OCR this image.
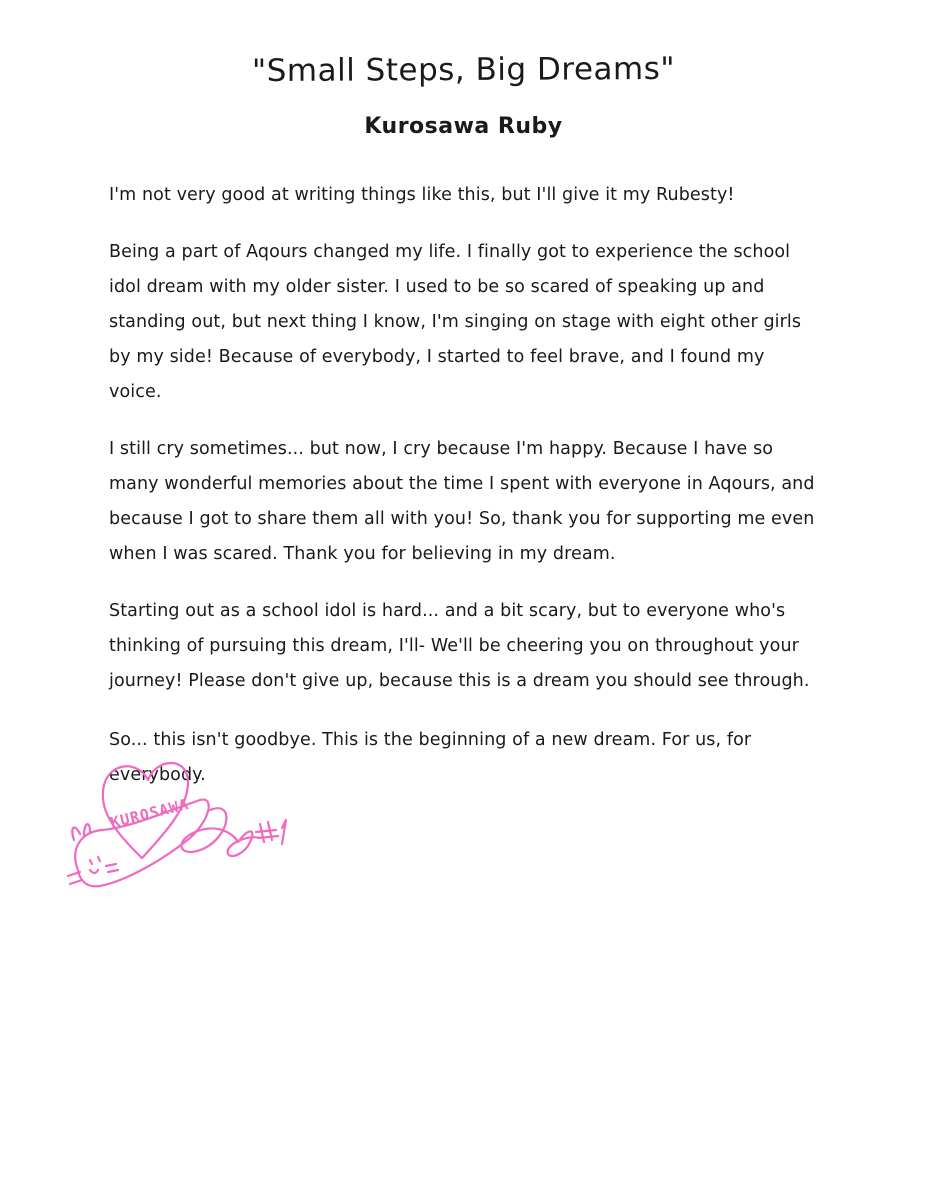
"Small Steps, Big Dreams"
Kurosawa Ruby

I'm not very good at writing things like this, but I'll give it my Rubesty!

Being a part of Aqours changed my life. I finally got to experience the school idol dream with my older sister. I used to be so scared of speaking up and standing out, but next thing I know, I'm singing on stage with eight other girls by my side! Because of everybody, I started to feel brave, and I found my voice.

I still cry sometimes... but now, I cry because I'm happy. Because I have so many wonderful memories about the time I spent with everyone in Aqours, and because I got to share them all with you! So, thank you for supporting me even when I was scared. Thank you for believing in my dream.

Starting out as a school idol is hard... and a bit scary, but to everyone who's thinking of pursuing this dream, I'll- We'll be cheering you on throughout your journey! Please don't give up, because this is a dream you should see through.

So... this isn't goodbye. This is the beginning of a new dream. For us, for everybody.

KUROSAWA
